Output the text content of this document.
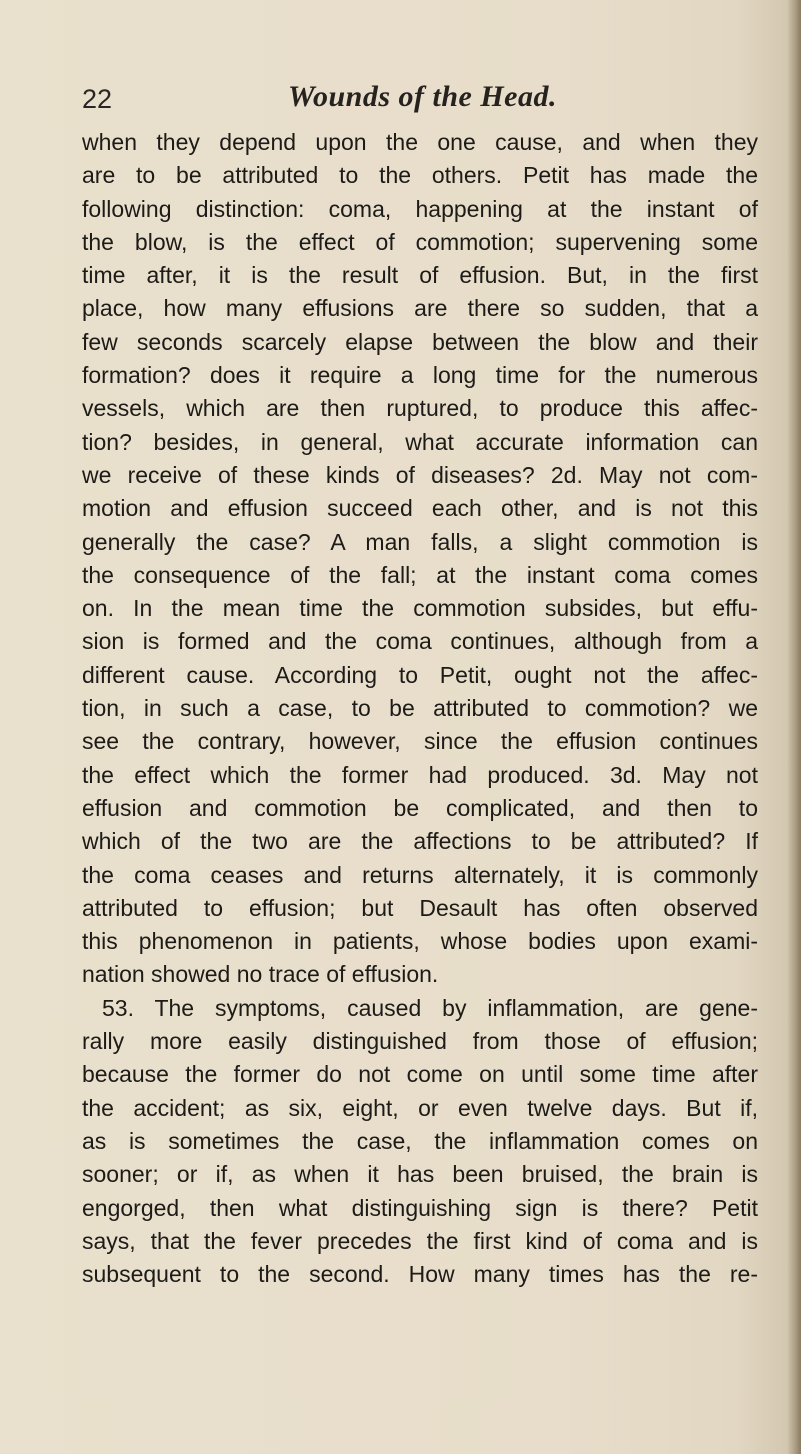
22	Wounds of the Head.
when they depend upon the one cause, and when they
are to be attributed to the others. Petit has made the
following distinction: coma, happening at the instant of
the blow, is the effect of commotion; supervening some
time after, it is the result of effusion. But, in the first
place, how many effusions are there so sudden, that a
few seconds scarcely elapse between the blow and their
formation? does it require a long time for the numerous
vessels, which are then ruptured, to produce this affec-
tion? besides, in general, what accurate information can
we receive of these kinds of diseases? 2d. May not com-
motion and effusion succeed each other, and is not this
generally the case? A man falls, a slight commotion is
the consequence of the fall; at the instant coma comes
on. In the mean time the commotion subsides, but effu-
sion is formed and the coma continues, although from a
different cause. According to Petit, ought not the affec-
tion, in such a case, to be attributed to commotion? we
see the contrary, however, since the effusion continues
the effect which the former had produced. 3d. May not
effusion and commotion be complicated, and then to
which of the two are the affections to be attributed? If
the coma ceases and returns alternately, it is commonly
attributed to effusion; but Desault has often observed
this phenomenon in patients, whose bodies upon exami-
nation showed no trace of effusion.
53. The symptoms, caused by inflammation, are gene-
rally more easily distinguished from those of effusion;
because the former do not come on until some time after
the accident; as six, eight, or even twelve days. But if,
as is sometimes the case, the inflammation comes on
sooner; or if, as when it has been bruised, the brain is
engorged, then what distinguishing sign is there? Petit
says, that the fever precedes the first kind of coma and is
subsequent to the second. How many times has the re-
